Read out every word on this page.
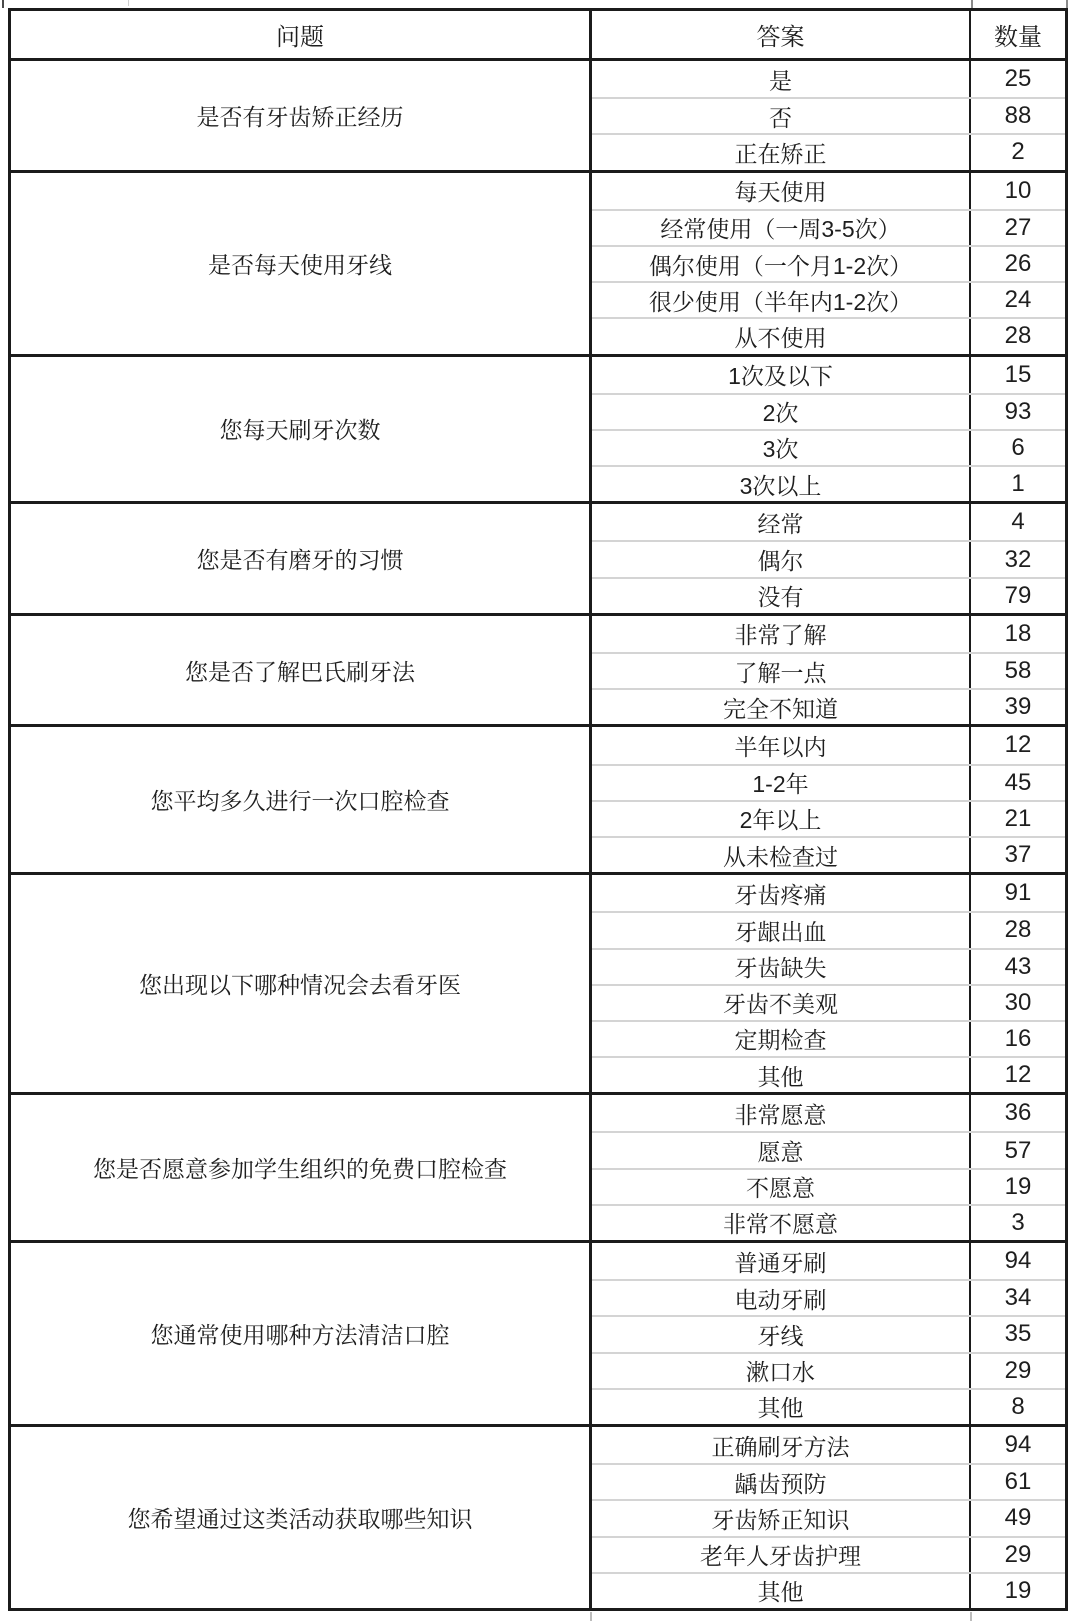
问题	答案	数量
是否有牙齿矫正经历
是	25
否	88
正在矫正	2
是否每天使用牙线
每天使用	10
经常使用（一周3-5次）	27
偶尔使用（一个月1-2次）	26
很少使用（半年内1-2次）	24
从不使用	28
您每天刷牙次数
1次及以下	15
2次	93
3次	6
3次以上	1
您是否有磨牙的习惯
经常	4
偶尔	32
没有	79
您是否了解巴氏刷牙法
非常了解	18
了解一点	58
完全不知道	39
您平均多久进行一次口腔检查
半年以内	12
1-2年	45
2年以上	21
从未检查过	37
您出现以下哪种情况会去看牙医
牙齿疼痛	91
牙龈出血	28
牙齿缺失	43
牙齿不美观	30
定期检查	16
其他	12
您是否愿意参加学生组织的免费口腔检查
非常愿意	36
愿意	57
不愿意	19
非常不愿意	3
您通常使用哪种方法清洁口腔
普通牙刷	94
电动牙刷	34
牙线	35
漱口水	29
其他	8
您希望通过这类活动获取哪些知识
正确刷牙方法	94
龋齿预防	61
牙齿矫正知识	49
老年人牙齿护理	29
其他	19
